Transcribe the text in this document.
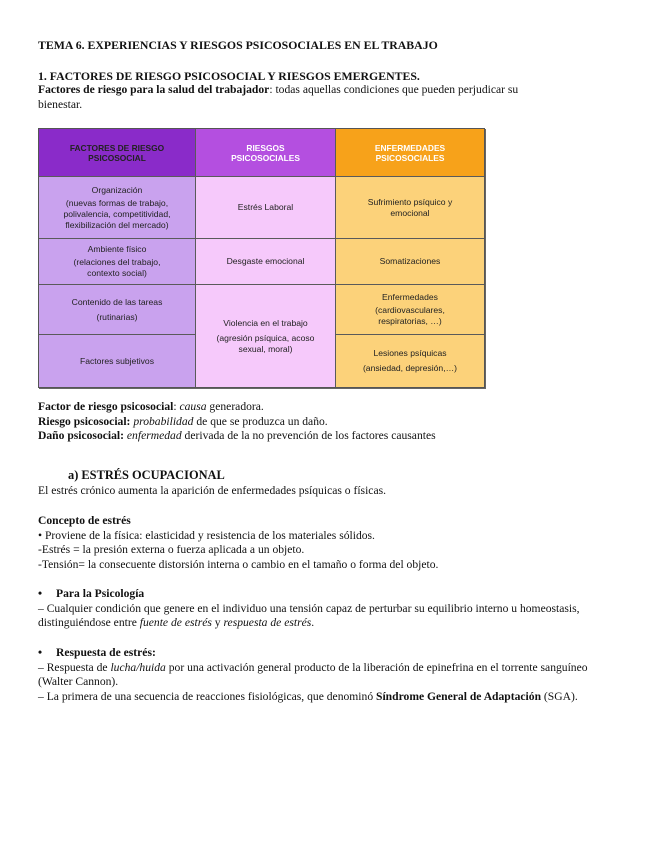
TEMA 6. EXPERIENCIAS Y RIESGOS PSICOSOCIALES EN EL TRABAJO

1. FACTORES DE RIESGO PSICOSOCIAL Y RIESGOS EMERGENTES.

Factores de riesgo para la salud del trabajador: todas aquellas condiciones que pueden perjudicar su
bienestar.
FACTORES DE RIESGO PSICOSOCIAL
RIESGOS PSICOSOCIALES
ENFERMEDADES PSICOSOCIALES
Organización
(nuevas formas de trabajo, polivalencia, competitividad, flexibilización del mercado)
Ambiente físico
(relaciones del trabajo, contexto social)
Contenido de las tareas
(rutinarias)
Factores subjetivos
Estrés Laboral
Desgaste emocional
Violencia en el trabajo
(agresión psíquica, acoso sexual, moral)
Sufrimiento psíquico y emocional
Somatizaciones
Enfermedades
(cardiovasculares, respiratorias, …)
Lesiones psíquicas
(ansiedad, depresión,…)
Factor de riesgo psicosocial: causa generadora.
Riesgo psicosocial: probabilidad de que se produzca un daño.
Daño psicosocial: enfermedad derivada de la no prevención de los factores causantes
a) ESTRÉS OCUPACIONAL
El estrés crónico aumenta la aparición de enfermedades psíquicas o físicas.
Concepto de estrés
• Proviene de la física: elasticidad y resistencia de los materiales sólidos.
-Estrés = la presión externa o fuerza aplicada a un objeto.
-Tensión= la consecuente distorsión interna o cambio en el tamaño o forma del objeto.
•	Para la Psicología
– Cualquier condición que genere en el individuo una tensión capaz de perturbar su equilibrio interno u homeostasis, distinguiéndose entre fuente de estrés y respuesta de estrés.
•	Respuesta de estrés:
– Respuesta de lucha/huida por una activación general producto de la liberación de epinefrina en el torrente sanguíneo (Walter Cannon).
– La primera de una secuencia de reacciones fisiológicas, que denominó Síndrome General de Adaptación (SGA).
